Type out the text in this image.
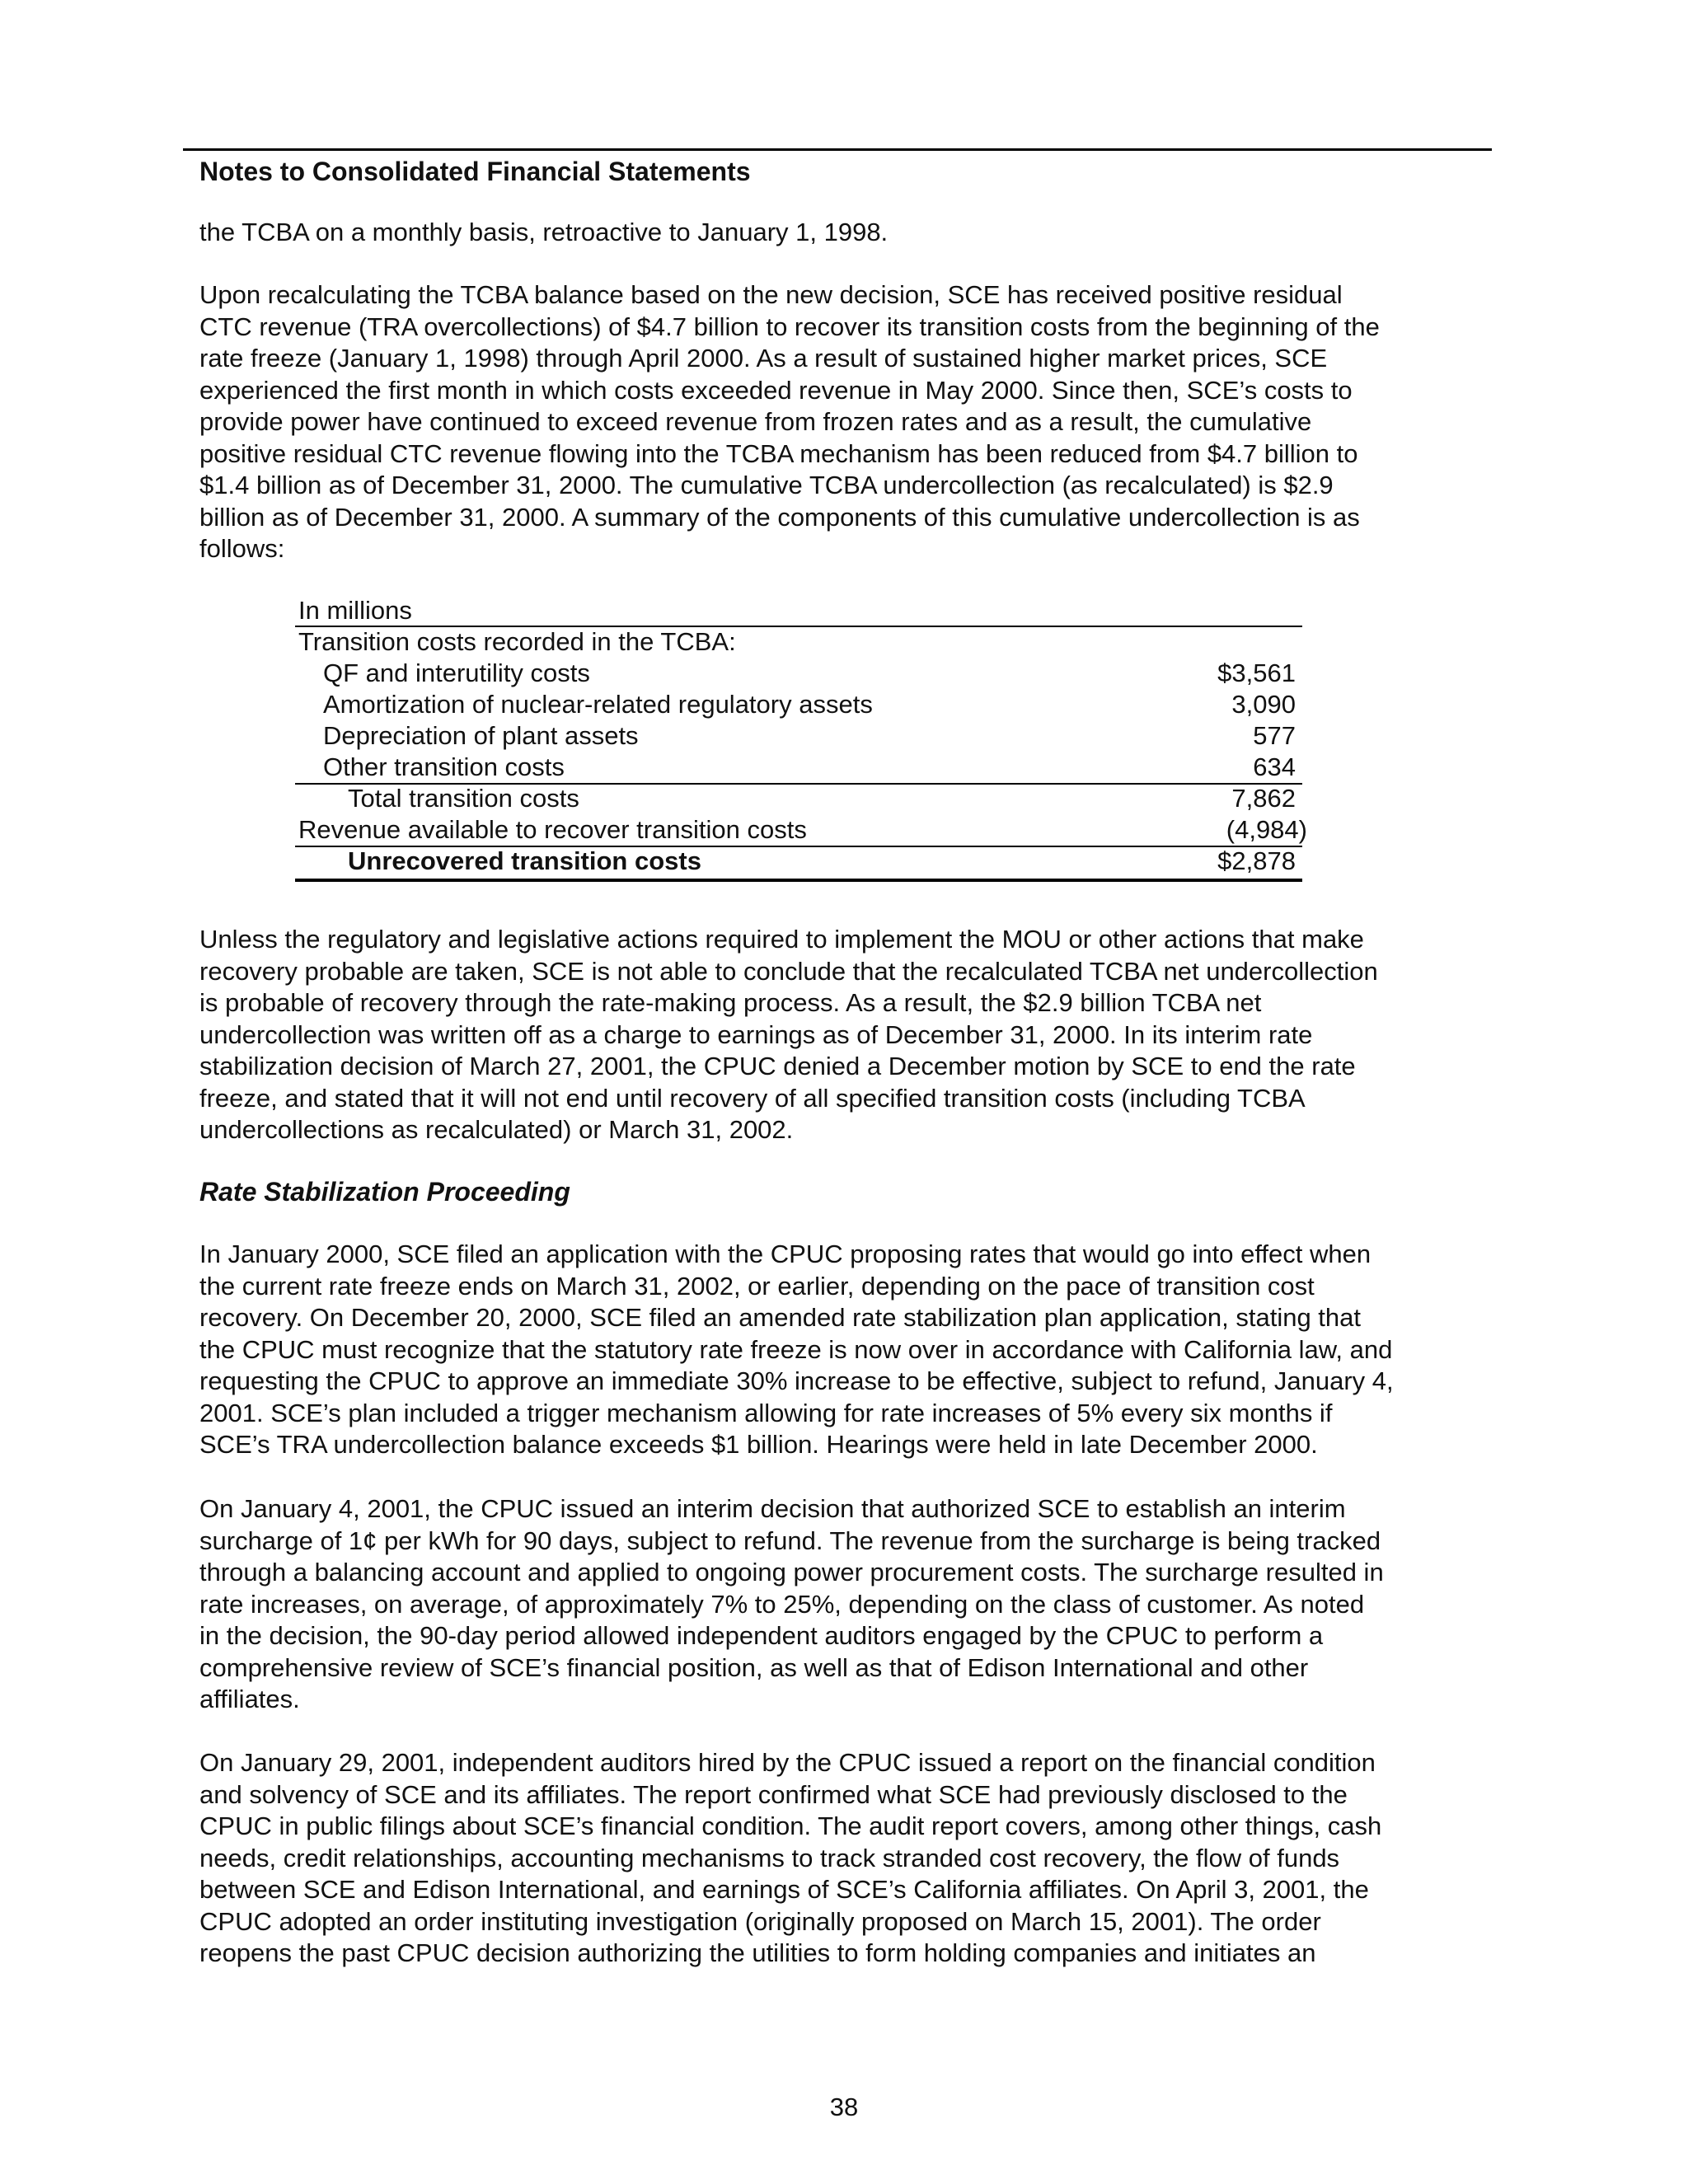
Notes to Consolidated Financial Statements
the TCBA on a monthly basis, retroactive to January 1, 1998.
Upon recalculating the TCBA balance based on the new decision, SCE has received positive residual
CTC revenue (TRA overcollections) of $4.7 billion to recover its transition costs from the beginning of the
rate freeze (January 1, 1998) through April 2000. As a result of sustained higher market prices, SCE
experienced the first month in which costs exceeded revenue in May 2000. Since then, SCE’s costs to
provide power have continued to exceed revenue from frozen rates and as a result, the cumulative
positive residual CTC revenue flowing into the TCBA mechanism has been reduced from $4.7 billion to
$1.4 billion as of December 31, 2000. The cumulative TCBA undercollection (as recalculated) is $2.9
billion as of December 31, 2000. A summary of the components of this cumulative undercollection is as
follows:
In millions
Transition costs recorded in the TCBA:
QF and interutility costs	$3,561
Amortization of nuclear-related regulatory assets	3,090
Depreciation of plant assets	577
Other transition costs	634
Total transition costs	7,862
Revenue available to recover transition costs	(4,984)
Unrecovered transition costs	$2,878
Unless the regulatory and legislative actions required to implement the MOU or other actions that make
recovery probable are taken, SCE is not able to conclude that the recalculated TCBA net undercollection
is probable of recovery through the rate-making process. As a result, the $2.9 billion TCBA net
undercollection was written off as a charge to earnings as of December 31, 2000. In its interim rate
stabilization decision of March 27, 2001, the CPUC denied a December motion by SCE to end the rate
freeze, and stated that it will not end until recovery of all specified transition costs (including TCBA
undercollections as recalculated) or March 31, 2002.
Rate Stabilization Proceeding
In January 2000, SCE filed an application with the CPUC proposing rates that would go into effect when
the current rate freeze ends on March 31, 2002, or earlier, depending on the pace of transition cost
recovery. On December 20, 2000, SCE filed an amended rate stabilization plan application, stating that
the CPUC must recognize that the statutory rate freeze is now over in accordance with California law, and
requesting the CPUC to approve an immediate 30% increase to be effective, subject to refund, January 4,
2001. SCE’s plan included a trigger mechanism allowing for rate increases of 5% every six months if
SCE’s TRA undercollection balance exceeds $1 billion. Hearings were held in late December 2000.
On January 4, 2001, the CPUC issued an interim decision that authorized SCE to establish an interim
surcharge of 1¢ per kWh for 90 days, subject to refund. The revenue from the surcharge is being tracked
through a balancing account and applied to ongoing power procurement costs. The surcharge resulted in
rate increases, on average, of approximately 7% to 25%, depending on the class of customer. As noted
in the decision, the 90-day period allowed independent auditors engaged by the CPUC to perform a
comprehensive review of SCE’s financial position, as well as that of Edison International and other
affiliates.
On January 29, 2001, independent auditors hired by the CPUC issued a report on the financial condition
and solvency of SCE and its affiliates. The report confirmed what SCE had previously disclosed to the
CPUC in public filings about SCE’s financial condition. The audit report covers, among other things, cash
needs, credit relationships, accounting mechanisms to track stranded cost recovery, the flow of funds
between SCE and Edison International, and earnings of SCE’s California affiliates. On April 3, 2001, the
CPUC adopted an order instituting investigation (originally proposed on March 15, 2001). The order
reopens the past CPUC decision authorizing the utilities to form holding companies and initiates an
38
